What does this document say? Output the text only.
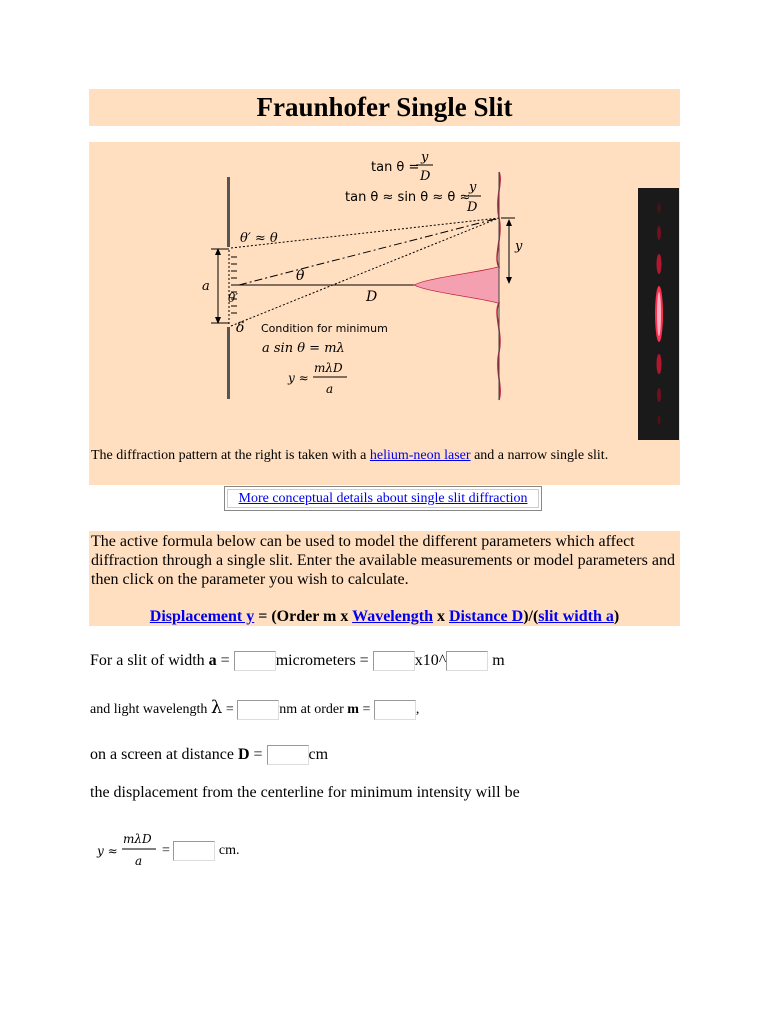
Fraunhofer Single Slit
tan θ =
y
D
tan θ ≈ sin θ ≈ θ ≈
y
D
a
θ′ ≈ θ
θ
θ′	D
y
δ Condition for minimum
a sin θ = mλ
y ≈
mλD
a
The diffraction pattern at the right is taken with a helium-neon laser and a narrow single slit.
More conceptual details about single slit diffraction
The active formula below can be used to model the different parameters which affect diffraction through a single slit. Enter the available measurements or model parameters and then click on the parameter you wish to calculate.
Displacement y = (Order m x Wavelength x Distance D)/(slit width a)
For a slit of width a =	micrometers =	x10^	m
and light wavelength λ =	nm at order m =	,
on a screen at distance D =	cm
the displacement from the centerline for minimum intensity will be
y ≈
mλD
a
=	cm.
